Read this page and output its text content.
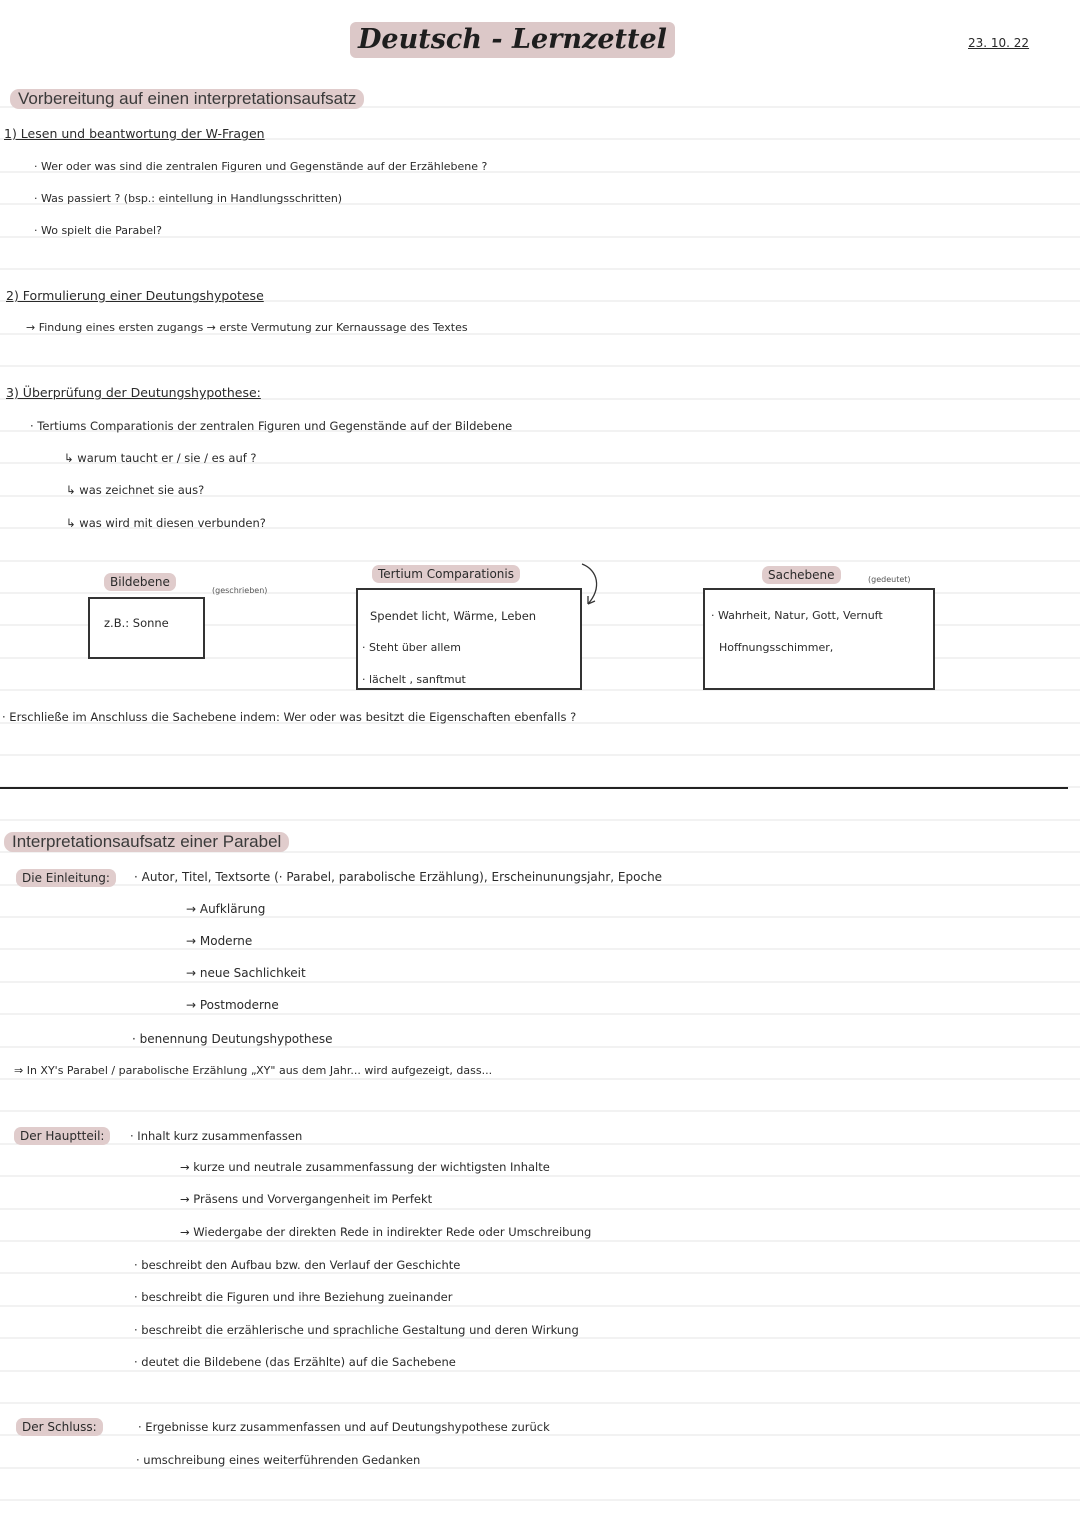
Deutsch - Lernzettel	23. 10. 22
Vorbereitung auf einen interpretationsaufsatz
1) Lesen und beantwortung der W-Fragen
· Wer oder was sind die zentralen Figuren und Gegenstände auf der Erzählebene ?
· Was passiert ? (bsp.: eintellung in Handlungsschritten)
· Wo spielt die Parabel?
2) Formulierung einer Deutungshypotese
→ Findung eines ersten zugangs → erste Vermutung zur Kernaussage des Textes
3) Überprüfung der Deutungshypothese:
· Tertiums Comparationis der zentralen Figuren und Gegenstände auf der Bildebene
↳ warum taucht er / sie / es auf ?
↳ was zeichnet sie aus?
↳ was wird mit diesen verbunden?
Bildebene
(geschrieben)
z.B.: Sonne
Tertium Comparationis
Spendet licht, Wärme, Leben
· Steht über allem
· lächelt , sanftmut
Sachebene	(gedeutet)
· Wahrheit, Natur, Gott, Vernuft
Hoffnungsschimmer,
· Erschließe im Anschluss die Sachebene indem: Wer oder was besitzt die Eigenschaften ebenfalls ?
Interpretationsaufsatz einer Parabel
Die Einleitung:	· Autor, Titel, Textsorte (· Parabel, parabolische Erzählung), Erscheinunungsjahr, Epoche
→ Aufklärung
→ Moderne
→ neue Sachlichkeit
→ Postmoderne
· benennung Deutungshypothese
⇒ In XY's Parabel / parabolische Erzählung „XY" aus dem Jahr... wird aufgezeigt, dass...
Der Hauptteil:	· Inhalt kurz zusammenfassen
→ kurze und neutrale zusammenfassung der wichtigsten Inhalte
→ Präsens und Vorvergangenheit im Perfekt
→ Wiedergabe der direkten Rede in indirekter Rede oder Umschreibung
· beschreibt den Aufbau bzw. den Verlauf der Geschichte
· beschreibt die Figuren und ihre Beziehung zueinander
· beschreibt die erzählerische und sprachliche Gestaltung und deren Wirkung
· deutet die Bildebene (das Erzählte) auf die Sachebene
Der Schluss:	· Ergebnisse kurz zusammenfassen und auf Deutungshypothese zurück
· umschreibung eines weiterführenden Gedanken
